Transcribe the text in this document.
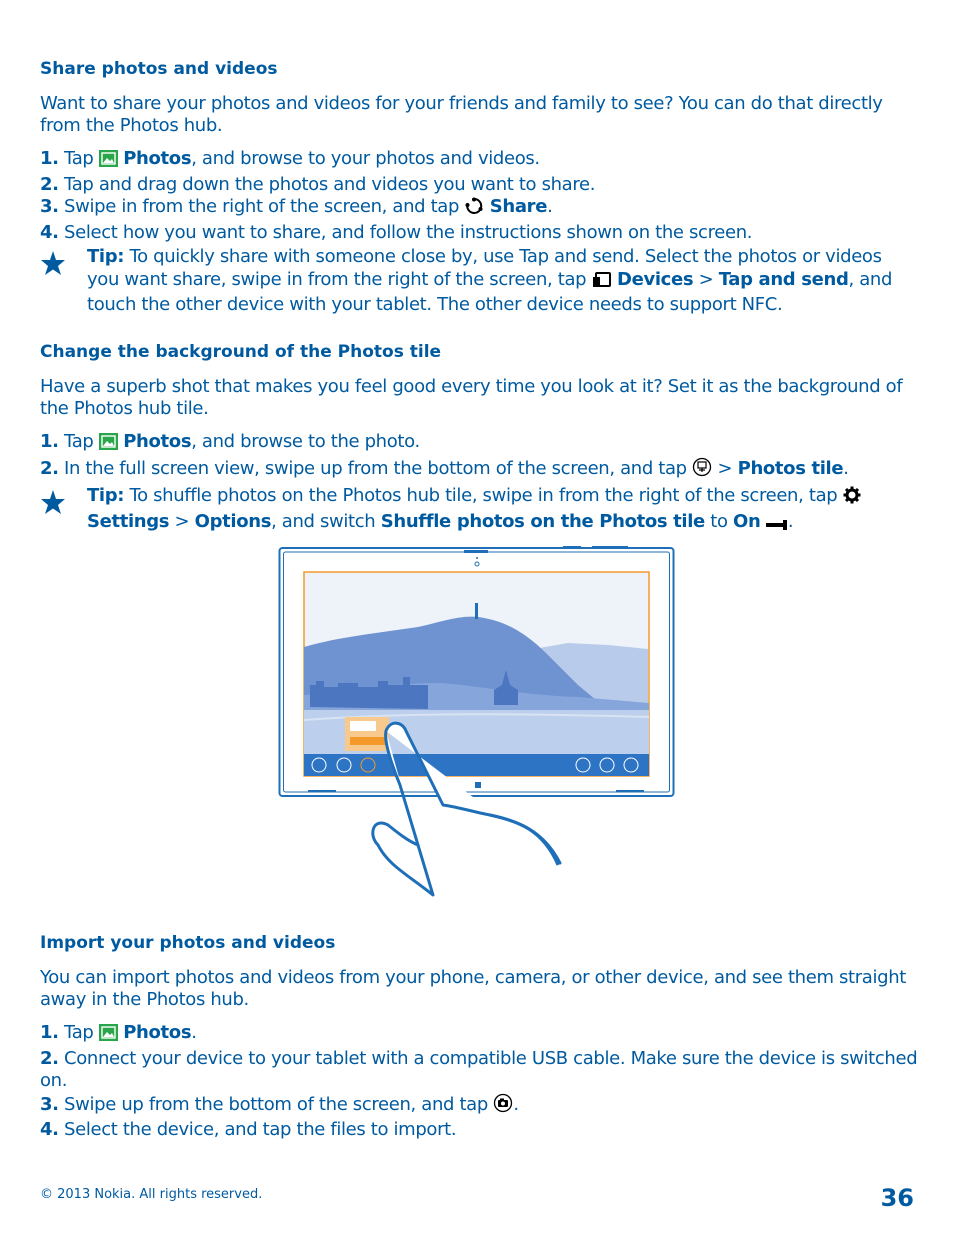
Share photos and videos
Want to share your photos and videos for your friends and family to see? You can do that directly from the Photos hub.
1. Tap  Photos, and browse to your photos and videos.
2. Tap and drag down the photos and videos you want to share.
3. Swipe in from the right of the screen, and tap  Share.
4. Select how you want to share, and follow the instructions shown on the screen.
Tip: To quickly share with someone close by, use Tap and send. Select the photos or videos you want share, swipe in from the right of the screen, tap  Devices > Tap and send, and touch the other device with your tablet. The other device needs to support NFC.
Change the background of the Photos tile
Have a superb shot that makes you feel good every time you look at it? Set it as the background of the Photos hub tile.
1. Tap  Photos, and browse to the photo.
2. In the full screen view, swipe up from the bottom of the screen, and tap  > Photos tile.
Tip: To shuffle photos on the Photos hub tile, swipe in from the right of the screen, tap
Settings > Options, and switch Shuffle photos on the Photos tile to On .
Import your photos and videos
You can import photos and videos from your phone, camera, or other device, and see them straight away in the Photos hub.
1. Tap  Photos.
2. Connect your device to your tablet with a compatible USB cable. Make sure the device is switched
on.
3. Swipe up from the bottom of the screen, and tap .
4. Select the device, and tap the files to import.
© 2013 Nokia. All rights reserved.	36
